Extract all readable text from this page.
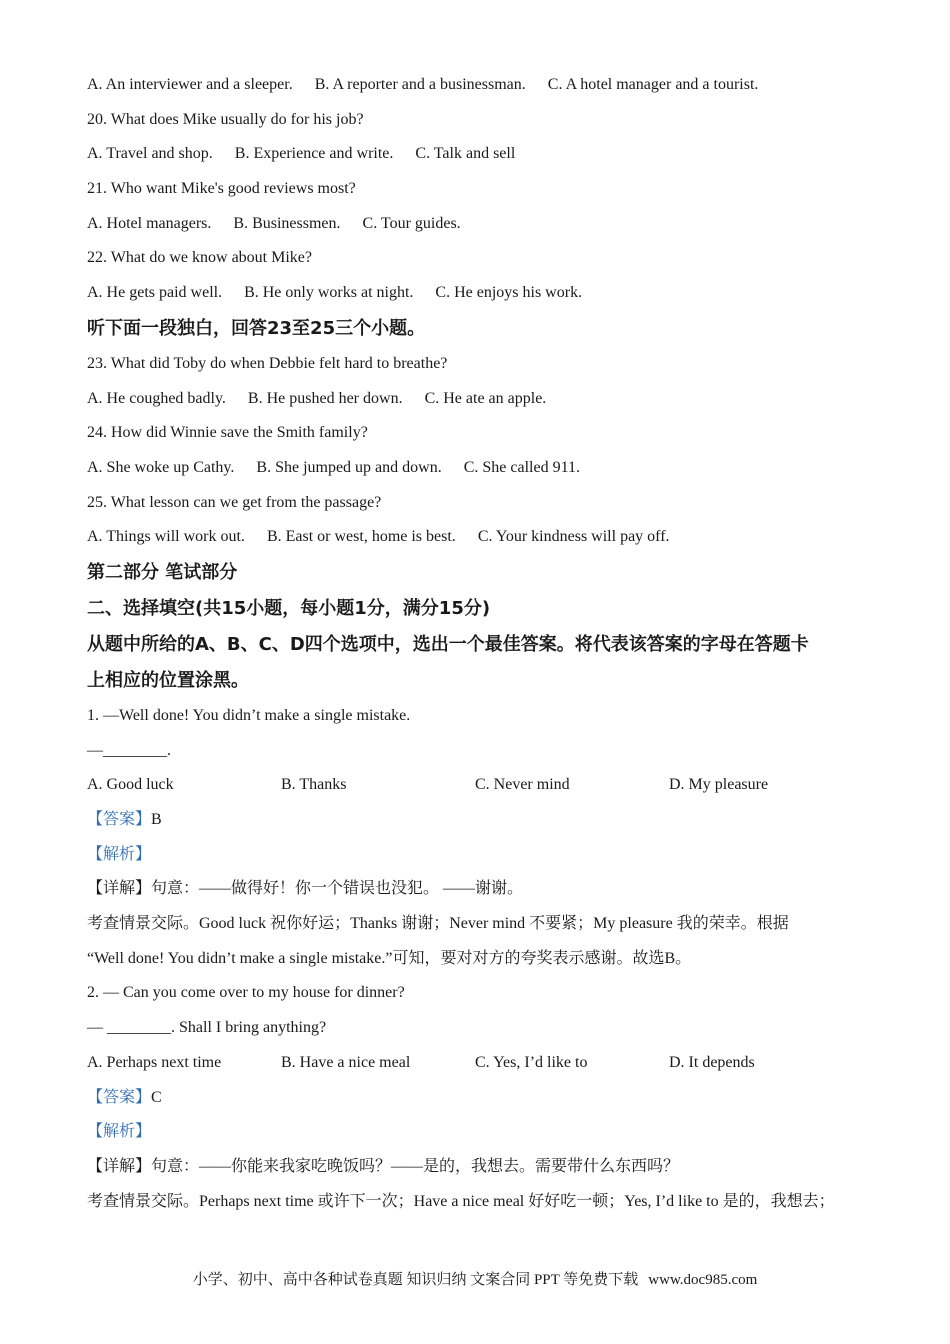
A. An interviewer and a sleeper. B. A reporter and a businessman. C. A hotel manager and a tourist.
20. What does Mike usually do for his job?
A. Travel and shop. B. Experience and write. C. Talk and sell
21. Who want Mike's good reviews most?
A. Hotel managers. B. Businessmen. C. Tour guides.
22. What do we know about Mike?
A. He gets paid well. B. He only works at night. C. He enjoys his work.
听下面一段独白，回答23至25三个小题。
23. What did Toby do when Debbie felt hard to breathe?
A. He coughed badly. B. He pushed her down. C. He ate an apple.
24. How did Winnie save the Smith family?
A. She woke up Cathy. B. She jumped up and down. C. She called 911.
25. What lesson can we get from the passage?
A. Things will work out. B. East or west, home is best. C. Your kindness will pay off.
第二部分 笔试部分
二、选择填空(共15小题，每小题1分，满分15分)
从题中所给的A、B、C、D四个选项中，选出一个最佳答案。将代表该答案的字母在答题卡
上相应的位置涂黑。
1. —Well done! You didn’t make a single mistake.
—________.
A. Good luck	B. Thanks	C. Never mind	D. My pleasure
【答案】B
【解析】
【详解】句意：——做得好！你一个错误也没犯。 ——谢谢。
考查情景交际。Good luck 祝你好运；Thanks 谢谢；Never mind 不要紧；My pleasure 我的荣幸。根据
“Well done! You didn’t make a single mistake.”可知，要对对方的夸奖表示感谢。故选B。
2. — Can you come over to my house for dinner?
— ________. Shall I bring anything?
A. Perhaps next time	B. Have a nice meal	C. Yes, I’d like to	D. It depends
【答案】C
【解析】
【详解】句意：——你能来我家吃晚饭吗？——是的，我想去。需要带什么东西吗？
考查情景交际。Perhaps next time 或许下一次；Have a nice meal 好好吃一顿；Yes, I’d like to 是的，我想去；
小学、初中、高中各种试卷真题 知识归纳 文案合同 PPT 等免费下载 www.doc985.com
